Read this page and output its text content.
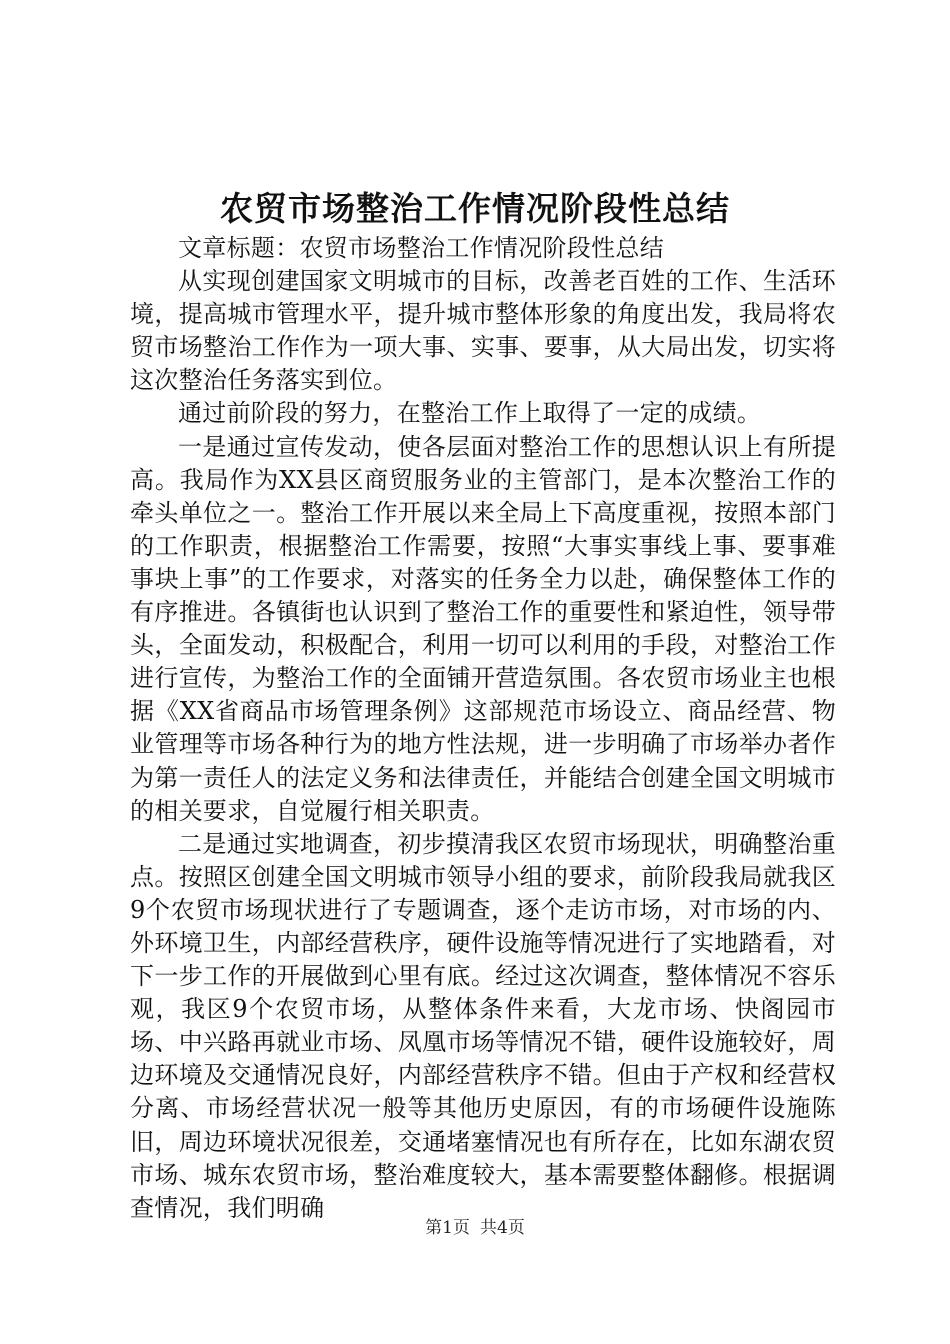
农贸市场整治工作情况阶段性总结

文章标题：农贸市场整治工作情况阶段性总结

从实现创建国家文明城市的目标，改善老百姓的工作、生活环境，提高城市管理水平，提升城市整体形象的角度出发，我局将农贸市场整治工作作为一项大事、实事、要事，从大局出发，切实将这次整治任务落实到位。

通过前阶段的努力，在整治工作上取得了一定的成绩。

一是通过宣传发动，使各层面对整治工作的思想认识上有所提高。我局作为XX县区商贸服务业的主管部门，是本次整治工作的牵头单位之一。整治工作开展以来全局上下高度重视，按照本部门的工作职责，根据整治工作需要，按照“大事实事线上事、要事难事块上事”的工作要求，对落实的任务全力以赴，确保整体工作的有序推进。各镇街也认识到了整治工作的重要性和紧迫性，领导带头，全面发动，积极配合，利用一切可以利用的手段，对整治工作进行宣传，为整治工作的全面铺开营造氛围。各农贸市场业主也根据《XX省商品市场管理条例》这部规范市场设立、商品经营、物业管理等市场各种行为的地方性法规，进一步明确了市场举办者作为第一责任人的法定义务和法律责任，并能结合创建全国文明城市的相关要求，自觉履行相关职责。

二是通过实地调查，初步摸清我区农贸市场现状，明确整治重点。按照区创建全国文明城市领导小组的要求，前阶段我局就我区9个农贸市场现状进行了专题调查，逐个走访市场，对市场的内、外环境卫生，内部经营秩序，硬件设施等情况进行了实地踏看，对下一步工作的开展做到心里有底。经过这次调查，整体情况不容乐观，我区9个农贸市场，从整体条件来看，大龙市场、快阁园市场、中兴路再就业市场、凤凰市场等情况不错，硬件设施较好，周边环境及交通情况良好，内部经营秩序不错。但由于产权和经营权分离、市场经营状况一般等其他历史原因，有的市场硬件设施陈旧，周边环境状况很差，交通堵塞情况也有所存在，比如东湖农贸市场、城东农贸市场，整治难度较大，基本需要整体翻修。根据调查情况，我们明确

第1页 共4页
